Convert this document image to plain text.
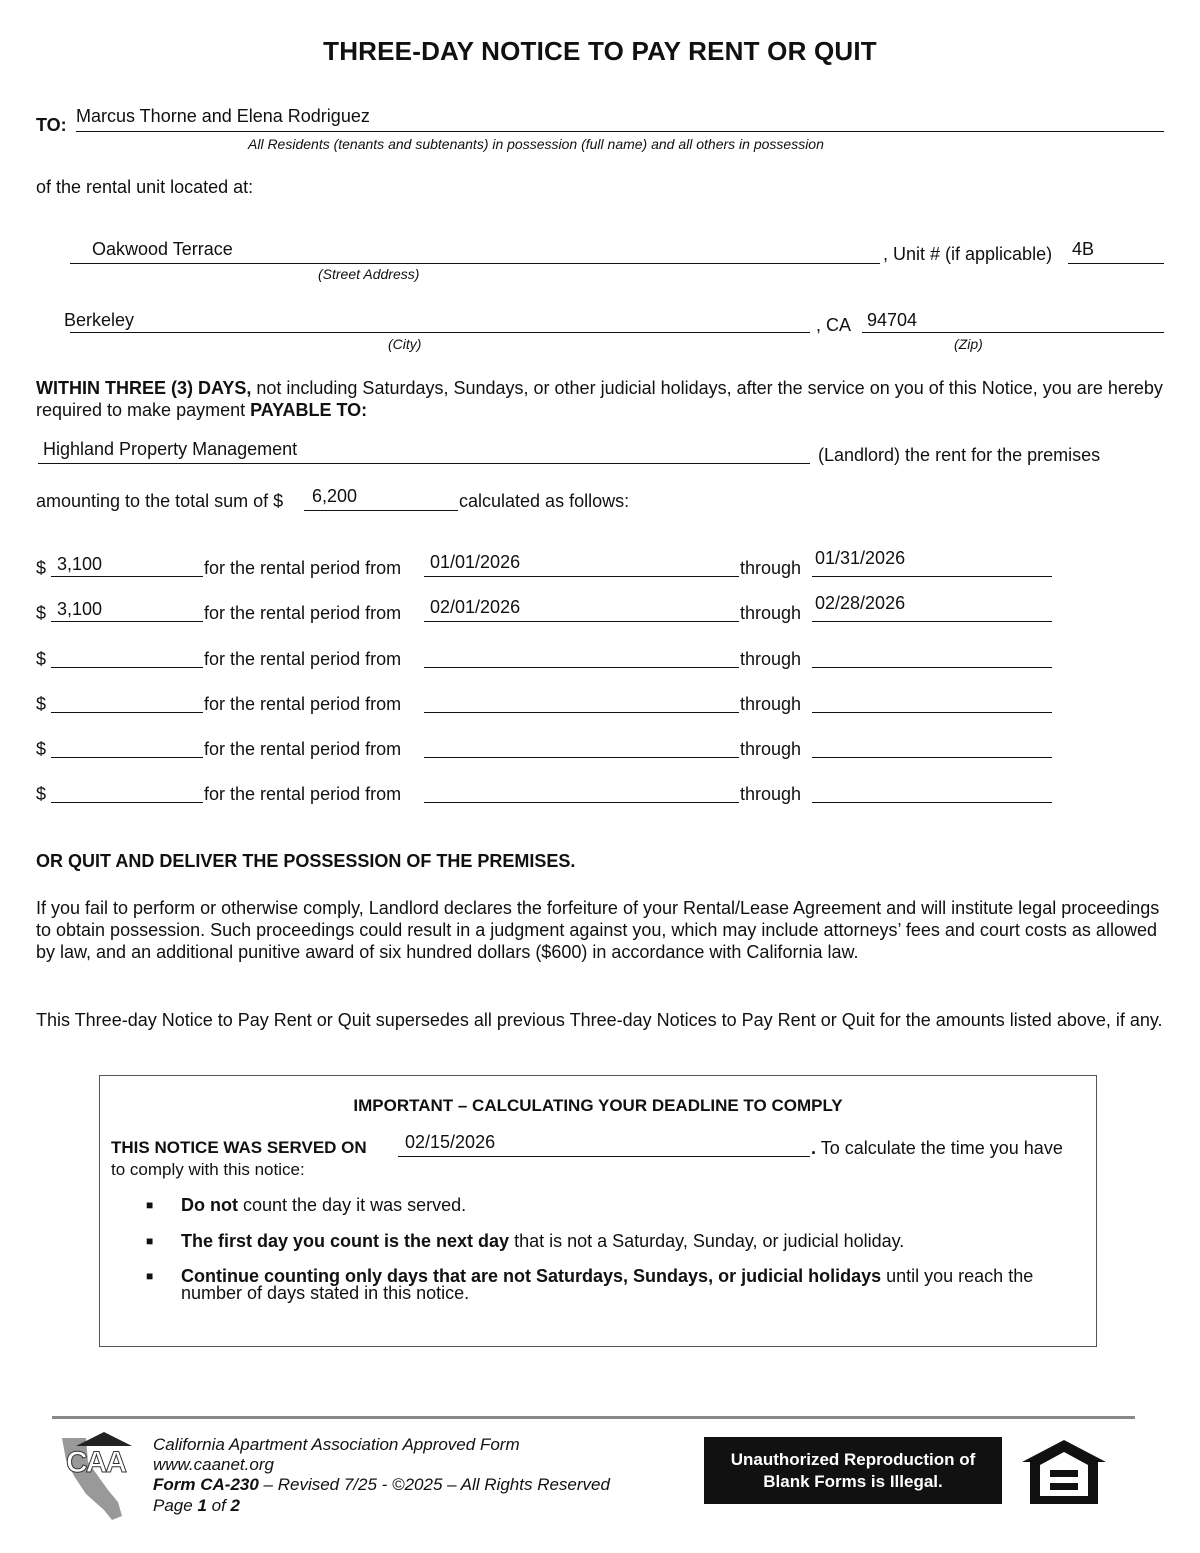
THREE-DAY NOTICE TO PAY RENT OR QUIT
TO: Marcus Thorne and Elena Rodriguez
All Residents (tenants and subtenants) in possession (full name) and all others in possession
of the rental unit located at:
Oakwood Terrace	, Unit # (if applicable) 4B
(Street Address)
Berkeley	, CA 94704
(City)	(Zip)
WITHIN THREE (3) DAYS, not including Saturdays, Sundays, or other judicial holidays, after the service on you of this Notice, you are hereby required to make payment PAYABLE TO:
Highland Property Management	(Landlord) the rent for the premises
amounting to the total sum of $ 6,200	calculated as follows:
$ 3,100	for the rental period from 01/01/2026	through 01/31/2026
$ 3,100	for the rental period from 02/01/2026	through 02/28/2026
$	for the rental period from	through
$	for the rental period from	through
$	for the rental period from	through
$	for the rental period from	through
OR QUIT AND DELIVER THE POSSESSION OF THE PREMISES.
If you fail to perform or otherwise comply, Landlord declares the forfeiture of your Rental/Lease Agreement and will institute legal proceedings to obtain possession. Such proceedings could result in a judgment against you, which may include attorneys’ fees and court costs as allowed by law, and an additional punitive award of six hundred dollars ($600) in accordance with California law.
This Three-day Notice to Pay Rent or Quit supersedes all previous Three-day Notices to Pay Rent or Quit for the amounts listed above, if any.
IMPORTANT – CALCULATING YOUR DEADLINE TO COMPLY
THIS NOTICE WAS SERVED ON 02/15/2026	. To calculate the time you have
to comply with this notice:
■ Do not count the day it was served.
■ The first day you count is the next day that is not a Saturday, Sunday, or judicial holiday.
■ Continue counting only days that are not Saturdays, Sundays, or judicial holidays until you reach the number of days stated in this notice.
CAA
California Apartment Association Approved Form
www.caanet.org
Form CA-230 – Revised 7/25 - ©2025 – All Rights Reserved
Page 1 of 2
Unauthorized Reproduction of
Blank Forms is Illegal.
